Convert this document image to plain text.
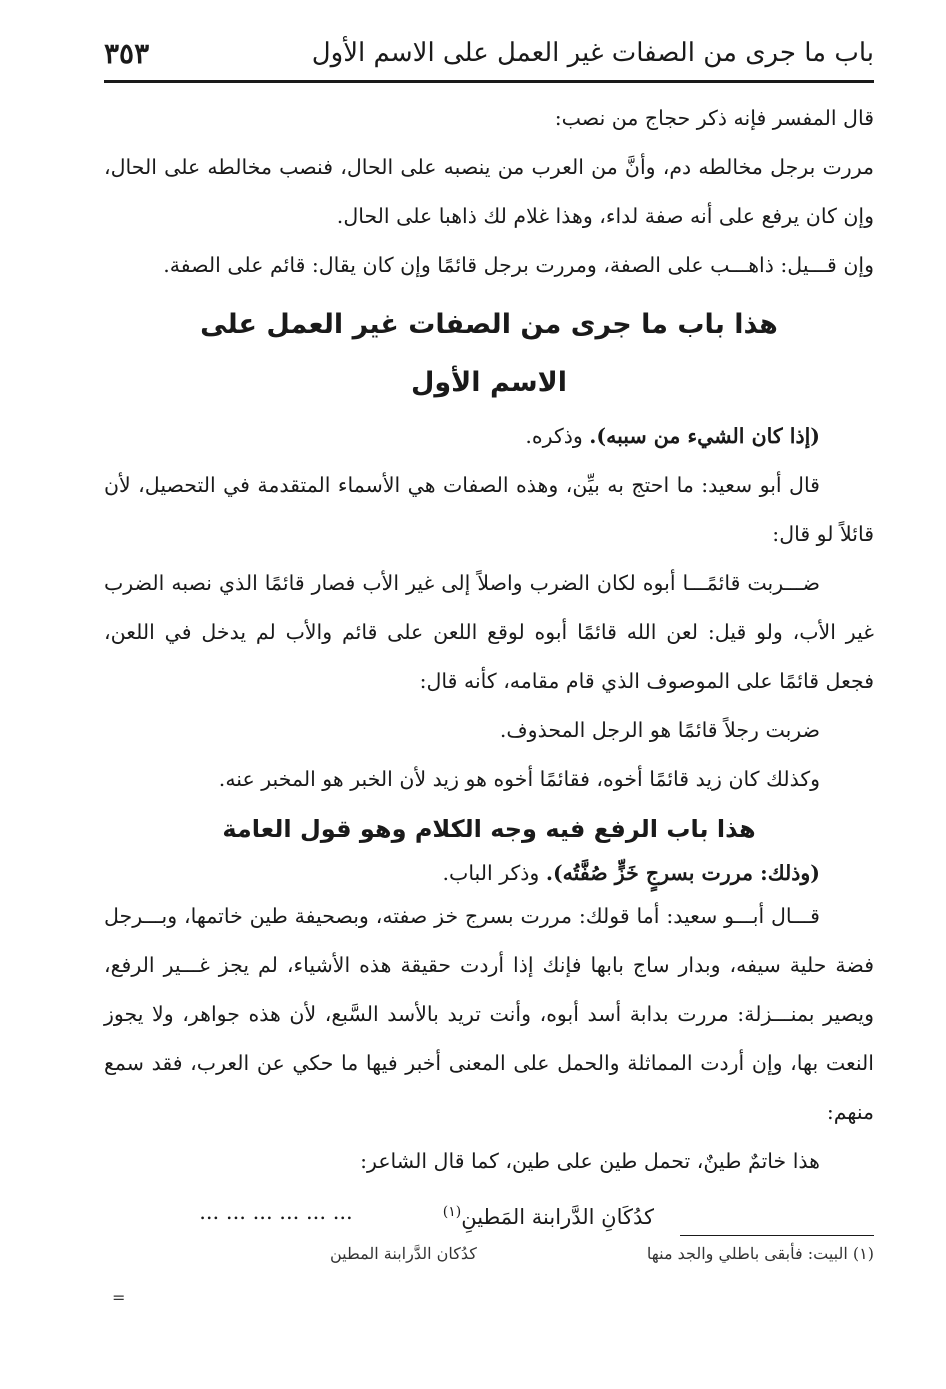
باب ما جرى من الصفات غير العمل على الاسم الأول
٣٥٣

قال المفسر فإنه ذكر حجاج من نصب:

مررت برجل مخالطه دم، وأنَّ من العرب من ينصبه على الحال، فنصب مخالطه على الحال، وإن كان يرفع على أنه صفة لداء، وهذا غلام لك ذاهبا على الحال.

وإن قـــيل: ذاهـــب على الصفة، ومررت برجل قائمًا وإن كان يقال: قائم على الصفة.

هذا باب ما جرى من الصفات غير العمل على

الاسم الأول

(إذا كان الشيء من سببه). وذكره.

قال أبو سعيد: ما احتج به بيِّن، وهذه الصفات هي الأسماء المتقدمة في التحصيل، لأن قائلاً لو قال:

ضـــربت قائمًـــا أبوه لكان الضرب واصلاً إلى غير الأب فصار قائمًا الذي نصبه الضرب غير الأب، ولو قيل: لعن الله قائمًا أبوه لوقع اللعن على قائم والأب لم يدخل في اللعن، فجعل قائمًا على الموصوف الذي قام مقامه، كأنه قال:

ضربت رجلاً قائمًا هو الرجل المحذوف.

وكذلك كان زيد قائمًا أخوه، فقائمًا أخوه هو زيد لأن الخبر هو المخبر عنه.

هذا باب الرفع فيه وجه الكلام وهو قول العامة

(وذلك: مررت بسرجٍ خَزٍّ صُفَّتُه). وذكر الباب.

قـــال أبـــو سعيد: أما قولك: مررت بسرج خز صفته، وبصحيفة طين خاتمها، وبـــرجل فضة حلية سيفه، وبدار ساج بابها فإنك إذا أردت حقيقة هذه الأشياء، لم يجز غـــير الرفع، ويصير بمنـــزلة: مررت بدابة أسد أبوه، وأنت تريد بالأسد السَّبع، لأن هذه جواهر، ولا يجوز النعت بها، وإن أردت المماثلة والحمل على المعنى أخبر فيها ما حكي عن العرب، فقد سمع منهم:

هذا خاتمٌ طينٌ، تحمل طين على طين، كما قال الشاعر:

كدُكَانِ الدَّرابنة المَطينِ$^{(١)}$
... ... ... ... ... ...
(١) البيت: فأبقى باطلي والجد منها
كدُكان الدَّرابنة المطين
=
